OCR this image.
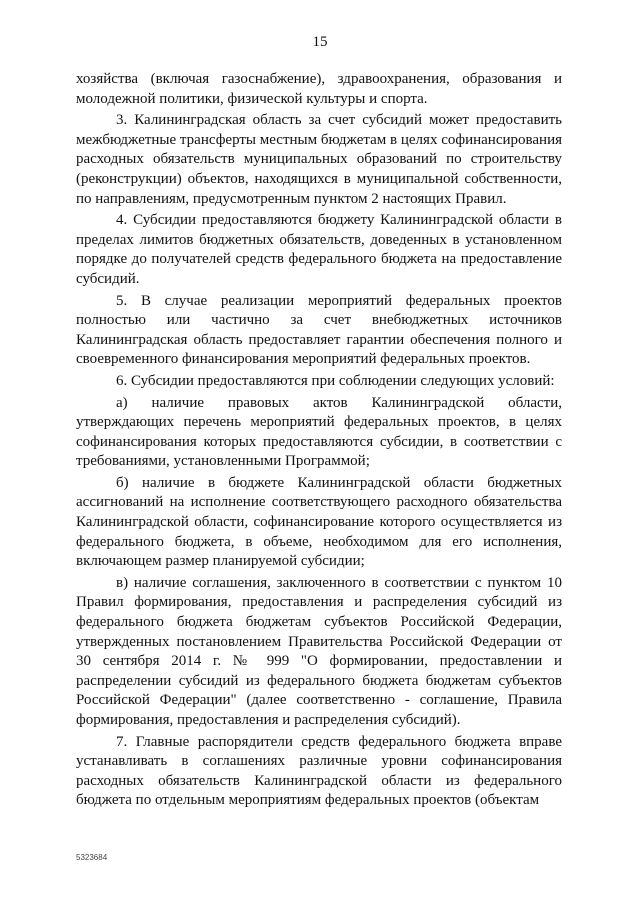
15

хозяйства (включая газоснабжение), здравоохранения, образования и молодежной политики, физической культуры и спорта.

3. Калининградская область за счет субсидий может предоставить межбюджетные трансферты местным бюджетам в целях софинансирования расходных обязательств муниципальных образований по строительству (реконструкции) объектов, находящихся в муниципальной собственности, по направлениям, предусмотренным пунктом 2 настоящих Правил.

4. Субсидии предоставляются бюджету Калининградской области в пределах лимитов бюджетных обязательств, доведенных в установленном порядке до получателей средств федерального бюджета на предоставление субсидий.

5. В случае реализации мероприятий федеральных проектов полностью или частично за счет внебюджетных источников Калининградская область предоставляет гарантии обеспечения полного и своевременного финансирования мероприятий федеральных проектов.

6. Субсидии предоставляются при соблюдении следующих условий:

а) наличие правовых актов Калининградской области, утверждающих перечень мероприятий федеральных проектов, в целях софинансирования которых предоставляются субсидии, в соответствии с требованиями, установленными Программой;

б) наличие в бюджете Калининградской области бюджетных ассигнований на исполнение соответствующего расходного обязательства Калининградской области, софинансирование которого осуществляется из федерального бюджета, в объеме, необходимом для его исполнения, включающем размер планируемой субсидии;

в) наличие соглашения, заключенного в соответствии с пунктом 10 Правил формирования, предоставления и распределения субсидий из федерального бюджета бюджетам субъектов Российской Федерации, утвержденных постановлением Правительства Российской Федерации от 30 сентября 2014 г. № 999 "О формировании, предоставлении и распределении субсидий из федерального бюджета бюджетам субъектов Российской Федерации" (далее соответственно - соглашение, Правила формирования, предоставления и распределения субсидий).

7. Главные распорядители средств федерального бюджета вправе устанавливать в соглашениях различные уровни софинансирования расходных обязательств Калининградской области из федерального бюджета по отдельным мероприятиям федеральных проектов (объектам

5323684
